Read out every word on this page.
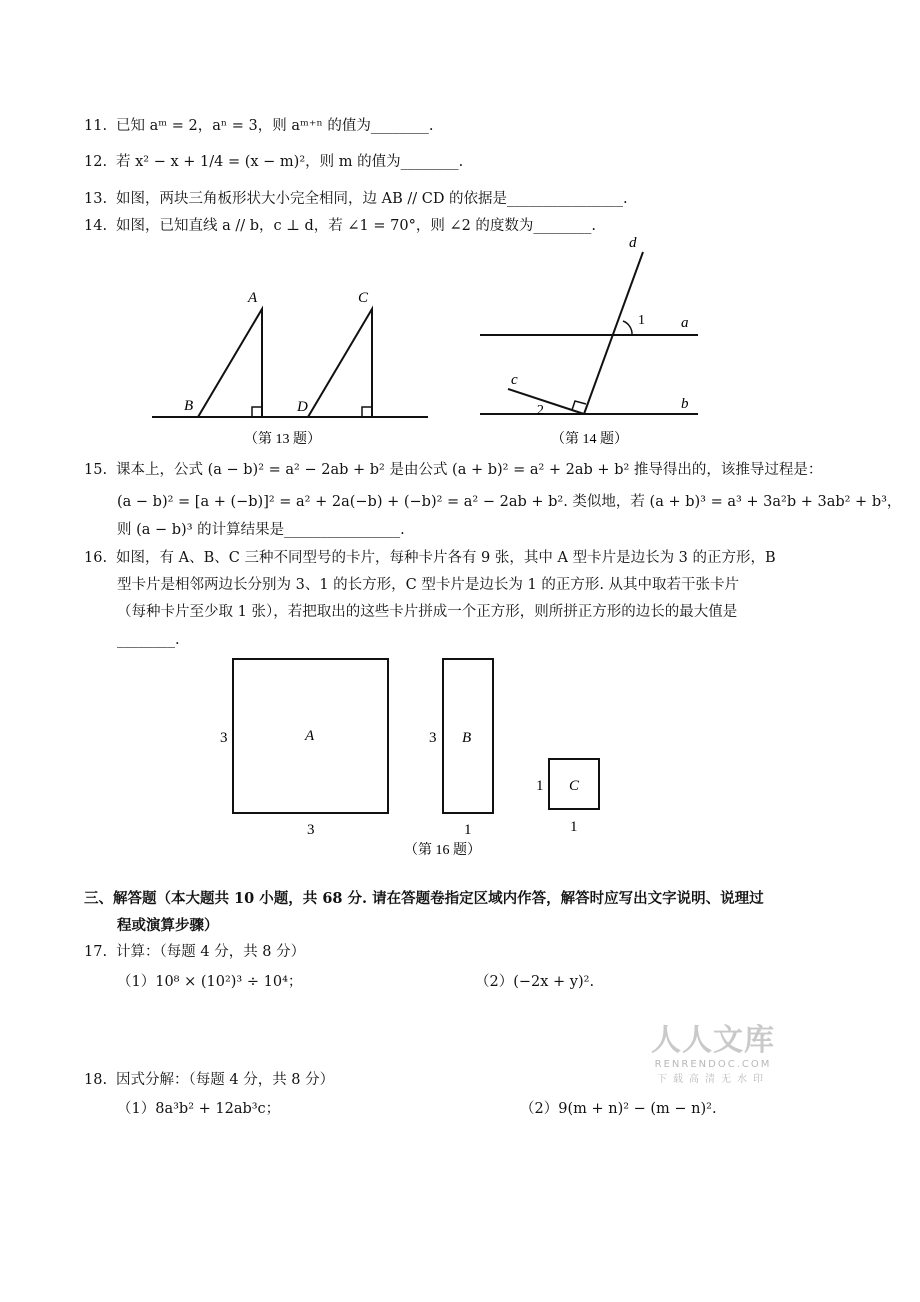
11. 已知 aᵐ = 2，aⁿ = 3，则 aᵐ⁺ⁿ 的值为________.
12. 若 x² − x + 1/4 = (x − m)²，则 m 的值为________.
13. 如图，两块三角板形状大小完全相同，边 AB // CD 的依据是________________.
14. 如图，已知直线 a // b，c ⊥ d，若 ∠1 = 70°，则 ∠2 的度数为________.
A
B
C
D
（第 13 题）
d
a
b
c
1
2
（第 14 题）
15. 课本上，公式 (a − b)² = a² − 2ab + b² 是由公式 (a + b)² = a² + 2ab + b² 推导得出的，该推导过程是：
(a − b)² = [a + (−b)]² = a² + 2a(−b) + (−b)² = a² − 2ab + b². 类似地，若 (a + b)³ = a³ + 3a²b + 3ab² + b³，
则 (a − b)³ 的计算结果是________________.
16. 如图，有 A、B、C 三种不同型号的卡片，每种卡片各有 9 张，其中 A 型卡片是边长为 3 的正方形，B
型卡片是相邻两边长分别为 3、1 的长方形，C 型卡片是边长为 1 的正方形. 从其中取若干张卡片
（每种卡片至少取 1 张），若把取出的这些卡片拼成一个正方形，则所拼正方形的边长的最大值是
________.
A
3
3
B
3
1
C
1
1
（第 16 题）
三、解答题（本大题共 10 小题，共 68 分. 请在答题卷指定区域内作答，解答时应写出文字说明、说理过
程或演算步骤）
17. 计算：（每题 4 分，共 8 分）
（1）10⁸ × (10²)³ ÷ 10⁴；	（2）(−2x + y)².
人人文库
RENRENDOC.COM
下载高清无水印
18. 因式分解：（每题 4 分，共 8 分）
（1）8a³b² + 12ab³c；	（2）9(m + n)² − (m − n)².
